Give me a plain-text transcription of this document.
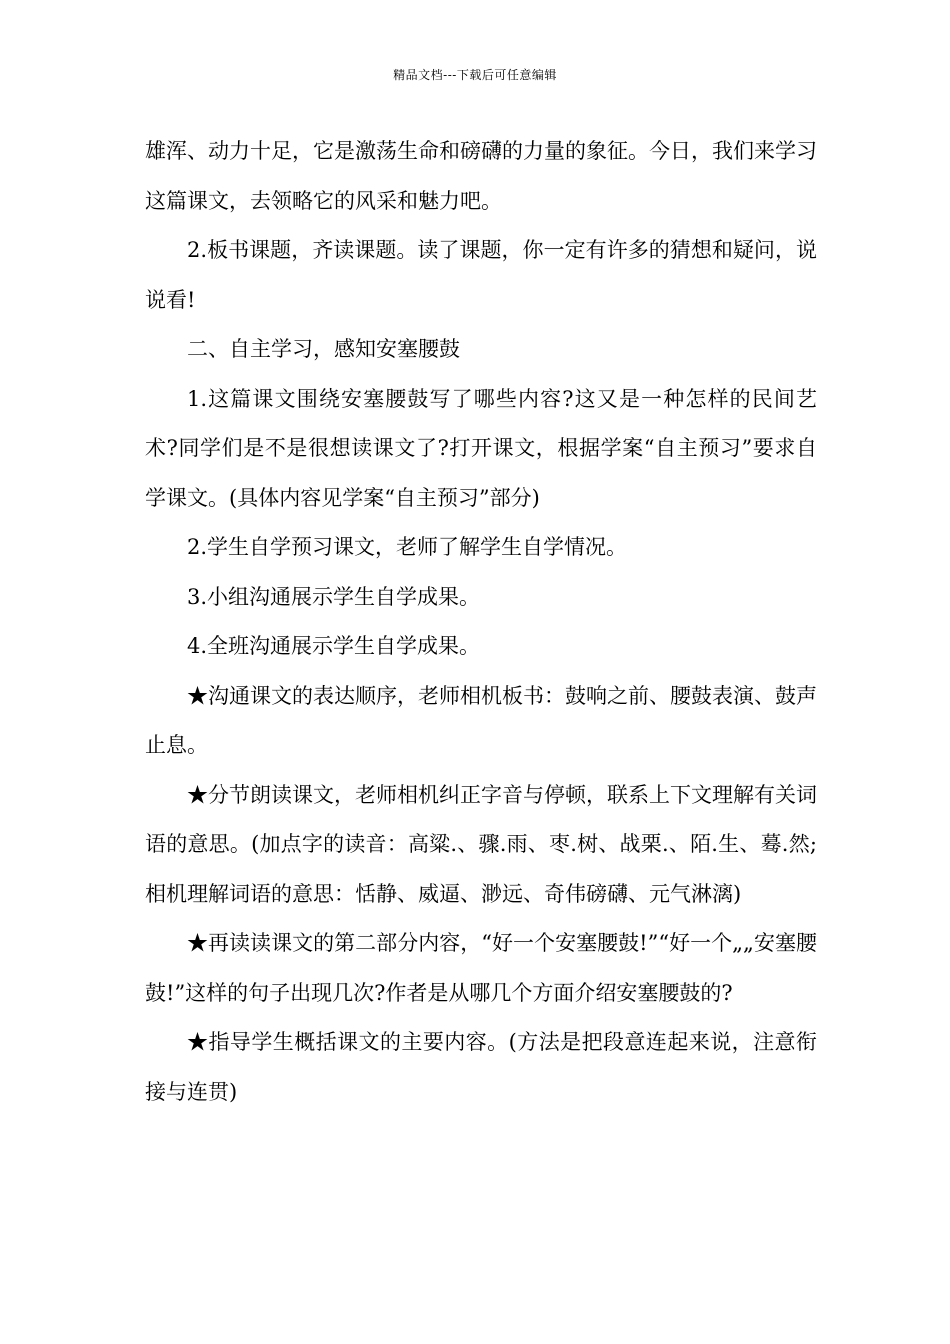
精品文档---下载后可任意编辑

雄浑、动力十足，它是激荡生命和磅礴的力量的象征。今日，我们来学习这篇课文，去领略它的风采和魅力吧。

2.板书课题，齐读课题。读了课题，你一定有许多的猜想和疑问，说说看!

二、自主学习，感知安塞腰鼓

1.这篇课文围绕安塞腰鼓写了哪些内容?这又是一种怎样的民间艺术?同学们是不是很想读课文了?打开课文，根据学案“自主预习”要求自学课文。(具体内容见学案“自主预习”部分)

2.学生自学预习课文，老师了解学生自学情况。

3.小组沟通展示学生自学成果。

4.全班沟通展示学生自学成果。

★沟通课文的表达顺序，老师相机板书：鼓响之前、腰鼓表演、鼓声止息。

★分节朗读课文，老师相机纠正字音与停顿，联系上下文理解有关词语的意思。(加点字的读音：高粱.、骤.雨、枣.树、战栗.、陌.生、蓦.然;相机理解词语的意思：恬静、威逼、渺远、奇伟磅礴、元气淋漓)

★再读读课文的第二部分内容，“好一个安塞腰鼓!”“好一个„„安塞腰鼓!”这样的句子出现几次?作者是从哪几个方面介绍安塞腰鼓的?

★指导学生概括课文的主要内容。(方法是把段意连起来说，注意衔接与连贯)
